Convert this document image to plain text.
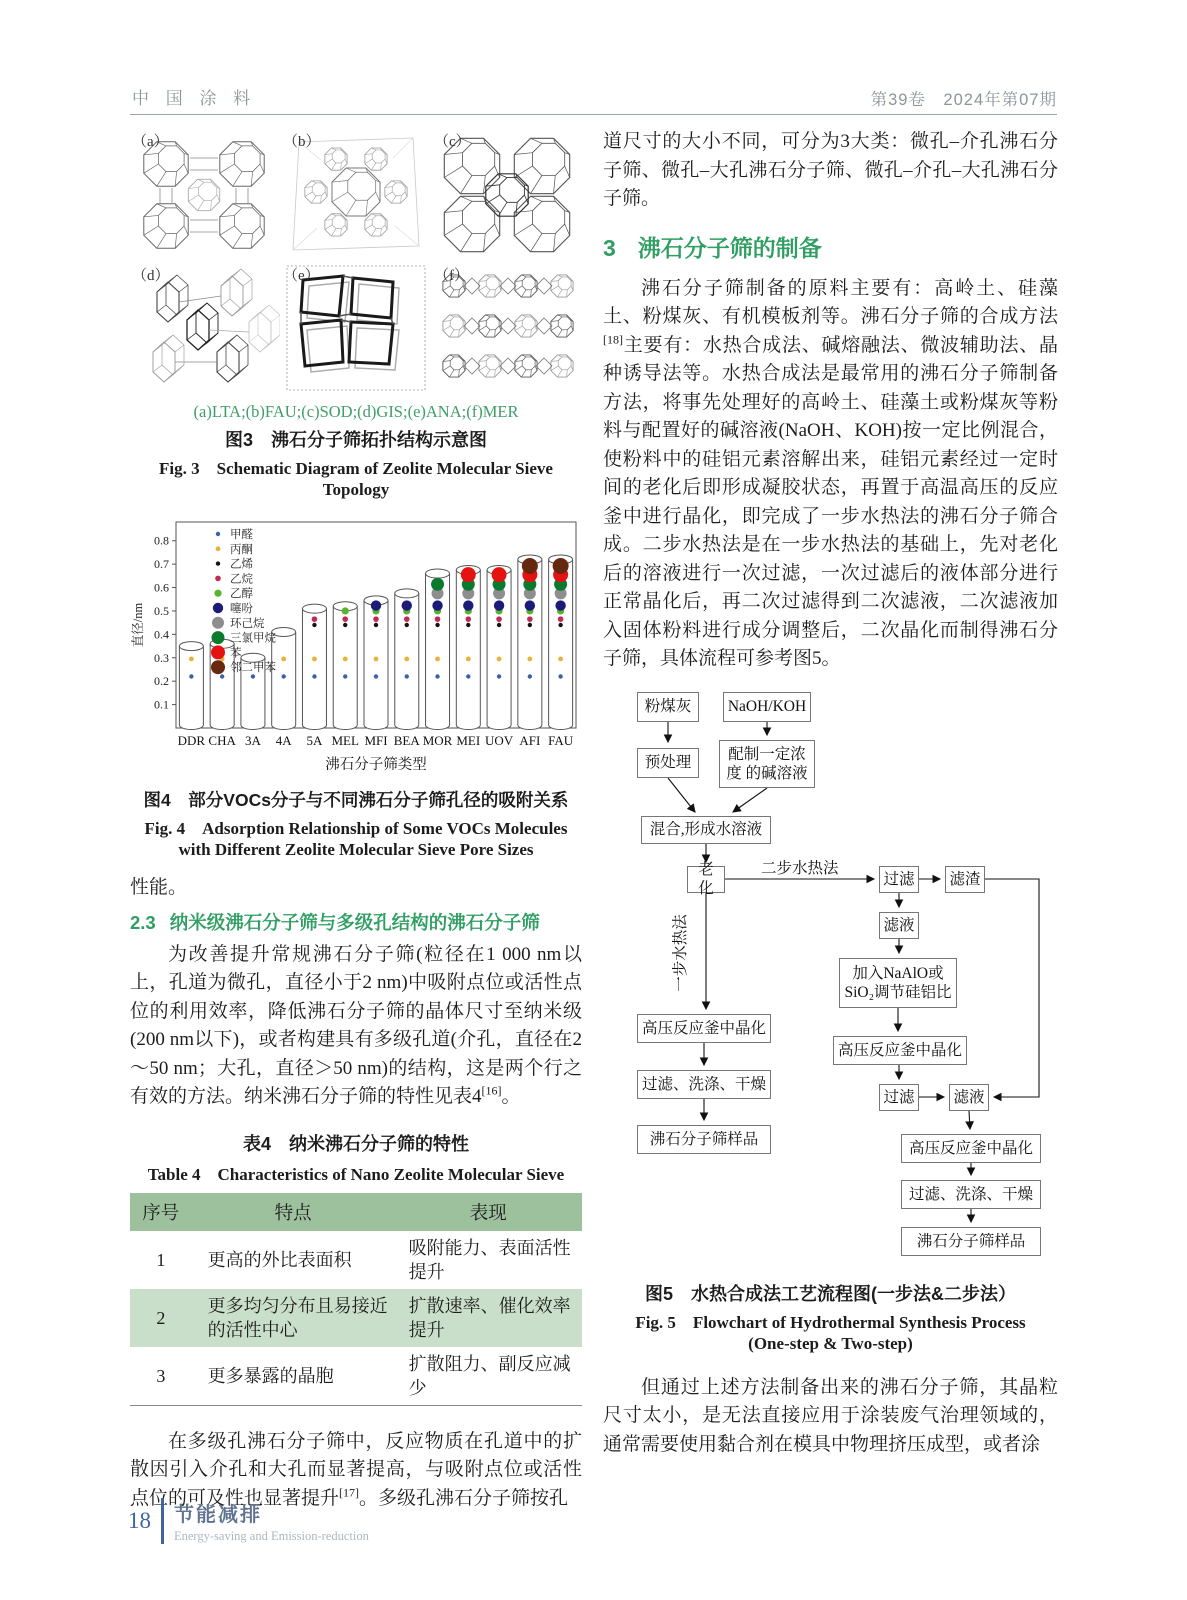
中 国 涂 料	第39卷　2024年第07期
（a）	（b）	（c）
（d）	（e）	（f）
(a)LTA;(b)FAU;(c)SOD;(d)GIS;(e)ANA;(f)MER
图3　沸石分子筛拓扑结构示意图
Fig. 3　Schematic Diagram of Zeolite Molecular Sieve
Topology
0.1
0.2
0.3
0.4
0.5
0.6
0.7
0.8
直径/nm
甲醛
丙酮
乙烯
乙烷
乙醇
噻吩
环己烷
三氯甲烷
苯
邻二甲苯
DDR CHA 3A 4A 5A MEL MFI BEA MOR MEI UOV AFI FAU
沸石分子筛类型
图4　部分VOCs分子与不同沸石分子筛孔径的吸附关系
Fig. 4　Adsorption Relationship of Some VOCs Molecules
with Different Zeolite Molecular Sieve Pore Sizes

性能。

2.3 纳米级沸石分子筛与多级孔结构的沸石分子筛

为改善提升常规沸石分子筛(粒径在1 000 nm以上，孔道为微孔，直径小于2 nm)中吸附点位或活性点位的利用效率，降低沸石分子筛的晶体尺寸至纳米级(200 nm以下)，或者构建具有多级孔道(介孔，直径在2～50 nm；大孔，直径＞50 nm)的结构，这是两个行之有效的方法。纳米沸石分子筛的特性见表4[16]。

表4　纳米沸石分子筛的特性
Table 4　Characteristics of Nano Zeolite Molecular Sieve
序号	特点	表现
1	更高的外比表面积	吸附能力、表面活性提升
2	更多均匀分布且易接近的活性中心	扩散速率、催化效率提升
3	更多暴露的晶胞	扩散阻力、副反应减少

在多级孔沸石分子筛中，反应物质在孔道中的扩散因引入介孔和大孔而显著提高，与吸附点位或活性点位的可及性也显著提升[17]。多级孔沸石分子筛按孔

道尺寸的大小不同，可分为3大类：微孔–介孔沸石分子筛、微孔–大孔沸石分子筛、微孔–介孔–大孔沸石分子筛。

3 沸石分子筛的制备

沸石分子筛制备的原料主要有：高岭土、硅藻土、粉煤灰、有机模板剂等。沸石分子筛的合成方法[18]主要有：水热合成法、碱熔融法、微波辅助法、晶种诱导法等。水热合成法是最常用的沸石分子筛制备方法，将事先处理好的高岭土、硅藻土或粉煤灰等粉料与配置好的碱溶液(NaOH、KOH)按一定比例混合，使粉料中的硅铝元素溶解出来，硅铝元素经过一定时间的老化后即形成凝胶状态，再置于高温高压的反应釜中进行晶化，即完成了一步水热法的沸石分子筛合成。二步水热法是在一步水热法的基础上，先对老化后的溶液进行一次过滤，一次过滤后的液体部分进行正常晶化后，再二次过滤得到二次滤液，二次滤液加入固体粉料进行成分调整后，二次晶化而制得沸石分子筛，具体流程可参考图5。

粉煤灰	NaOH/KOH
预处理	配制一定浓度 的碱溶液
混合,形成水溶液
老化
过滤 滤渣
滤液
加入NaAlO或 SiO₂调节硅铝比
高压反应釜中晶化
高压反应釜中晶化
过滤、洗涤、干燥
过滤	滤液
沸石分子筛样品
高压反应釜中晶化
过滤、洗涤、干燥
沸石分子筛样品
二步水热法
一步水热法
图5　水热合成法工艺流程图(一步法&二步法）
Fig. 5　Flowchart of Hydrothermal Synthesis Process
(One-step & Two-step)

但通过上述方法制备出来的沸石分子筛，其晶粒尺寸太小，是无法直接应用于涂装废气治理领域的，通常需要使用黏合剂在模具中物理挤压成型，或者涂

18 节能减排
Energy-saving and Emission-reduction
